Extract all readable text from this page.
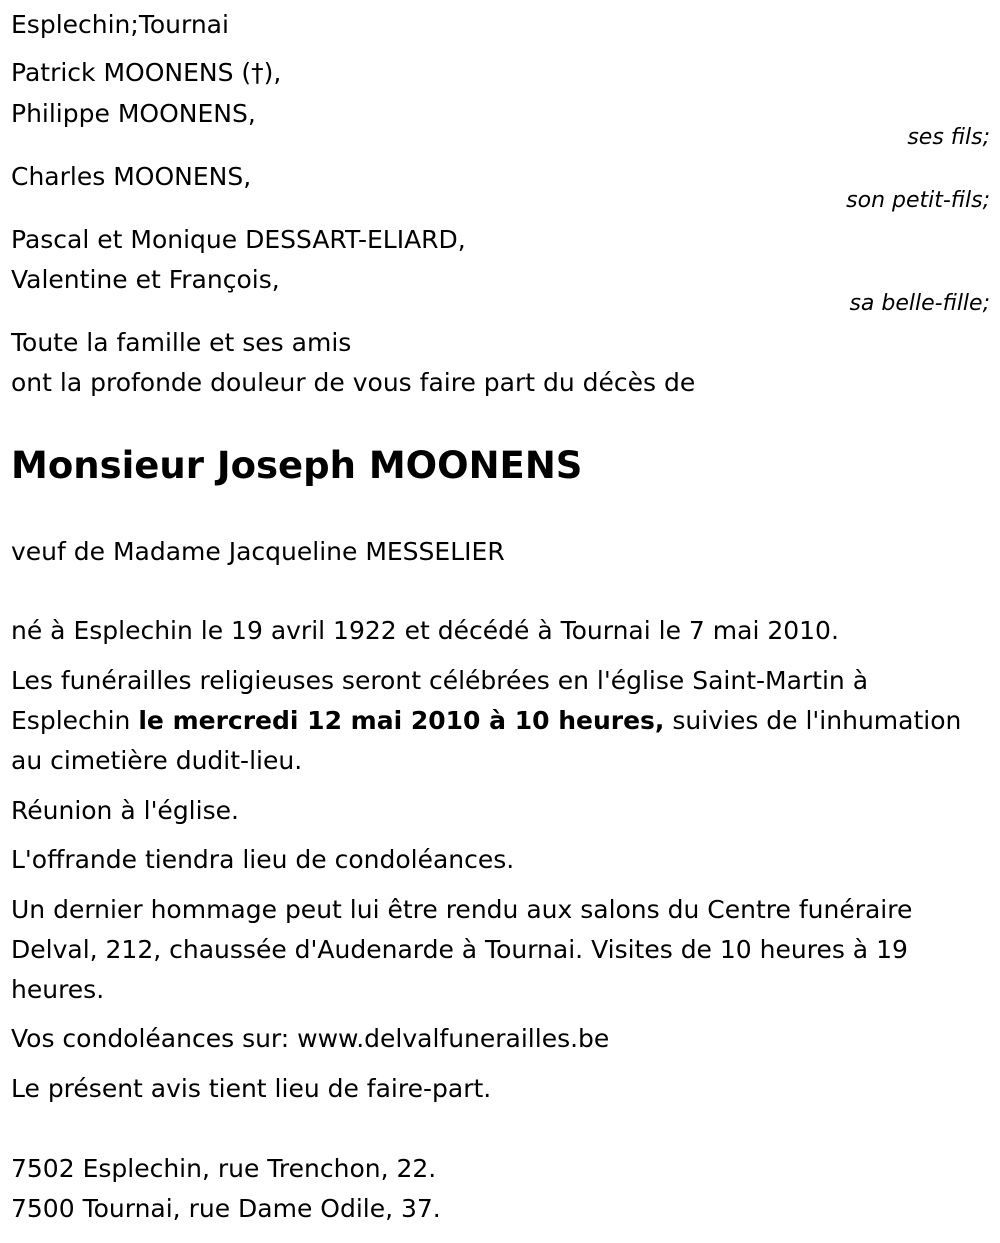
Esplechin;Tournai
Patrick MOONENS (†),
Philippe MOONENS,
ses fils;
Charles MOONENS,
son petit-fils;
Pascal et Monique DESSART-ELIARD,
Valentine et François,
sa belle-fille;
Toute la famille et ses amis
ont la profonde douleur de vous faire part du décès de
Monsieur Joseph MOONENS
veuf de Madame Jacqueline MESSELIER
né à Esplechin le 19 avril 1922 et décédé à Tournai le 7 mai 2010.
Les funérailles religieuses seront célébrées en l'église Saint-Martin à Esplechin le mercredi 12 mai 2010 à 10 heures, suivies de l'inhumation au cimetière dudit-lieu.
Réunion à l'église.
L'offrande tiendra lieu de condoléances.
Un dernier hommage peut lui être rendu aux salons du Centre funéraire Delval, 212, chaussée d'Audenarde à Tournai. Visites de 10 heures à 19 heures.
Vos condoléances sur: www.delvalfunerailles.be
Le présent avis tient lieu de faire-part.
7502 Esplechin, rue Trenchon, 22.
7500 Tournai, rue Dame Odile, 37.
